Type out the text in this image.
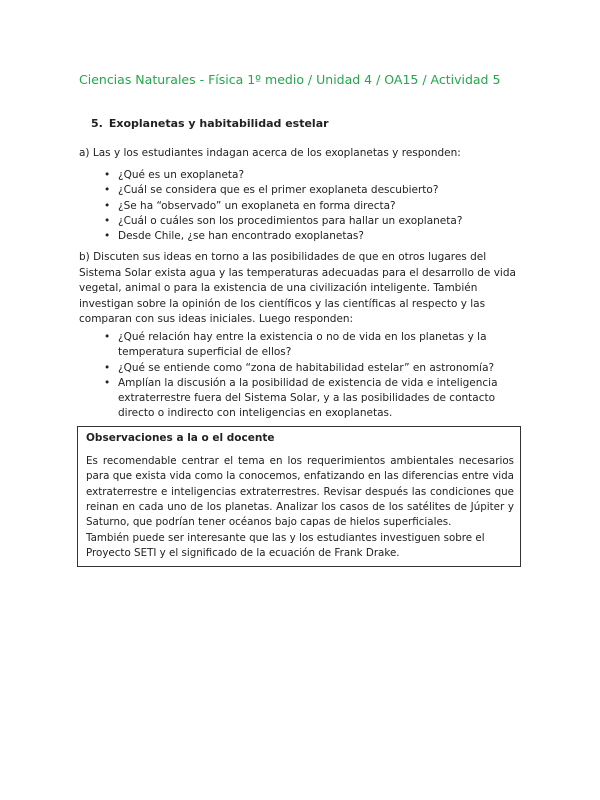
Ciencias Naturales - Física 1º medio / Unidad 4 / OA15 / Actividad 5
5. Exoplanetas y habitabilidad estelar
a) Las y los estudiantes indagan acerca de los exoplanetas y responden:
• ¿Qué es un exoplaneta?
• ¿Cuál se considera que es el primer exoplaneta descubierto?
• ¿Se ha “observado” un exoplaneta en forma directa?
• ¿Cuál o cuáles son los procedimientos para hallar un exoplaneta?
• Desde Chile, ¿se han encontrado exoplanetas?
b) Discuten sus ideas en torno a las posibilidades de que en otros lugares del Sistema Solar exista agua y las temperaturas adecuadas para el desarrollo de vida vegetal, animal o para la existencia de una civilización inteligente. También investigan sobre la opinión de los científicos y las científicas al respecto y las comparan con sus ideas iniciales. Luego responden:
• ¿Qué relación hay entre la existencia o no de vida en los planetas y la temperatura superficial de ellos?
• ¿Qué se entiende como “zona de habitabilidad estelar” en astronomía?
• Amplían la discusión a la posibilidad de existencia de vida e inteligencia extraterrestre fuera del Sistema Solar, y a las posibilidades de contacto directo o indirecto con inteligencias en exoplanetas.
Observaciones a la o el docente
Es recomendable centrar el tema en los requerimientos ambientales necesarios para que exista vida como la conocemos, enfatizando en las diferencias entre vida extraterrestre e inteligencias extraterrestres. Revisar después las condiciones que reinan en cada uno de los planetas. Analizar los casos de los satélites de Júpiter y Saturno, que podrían tener océanos bajo capas de hielos superficiales.
También puede ser interesante que las y los estudiantes investiguen sobre el Proyecto SETI y el significado de la ecuación de Frank Drake.
